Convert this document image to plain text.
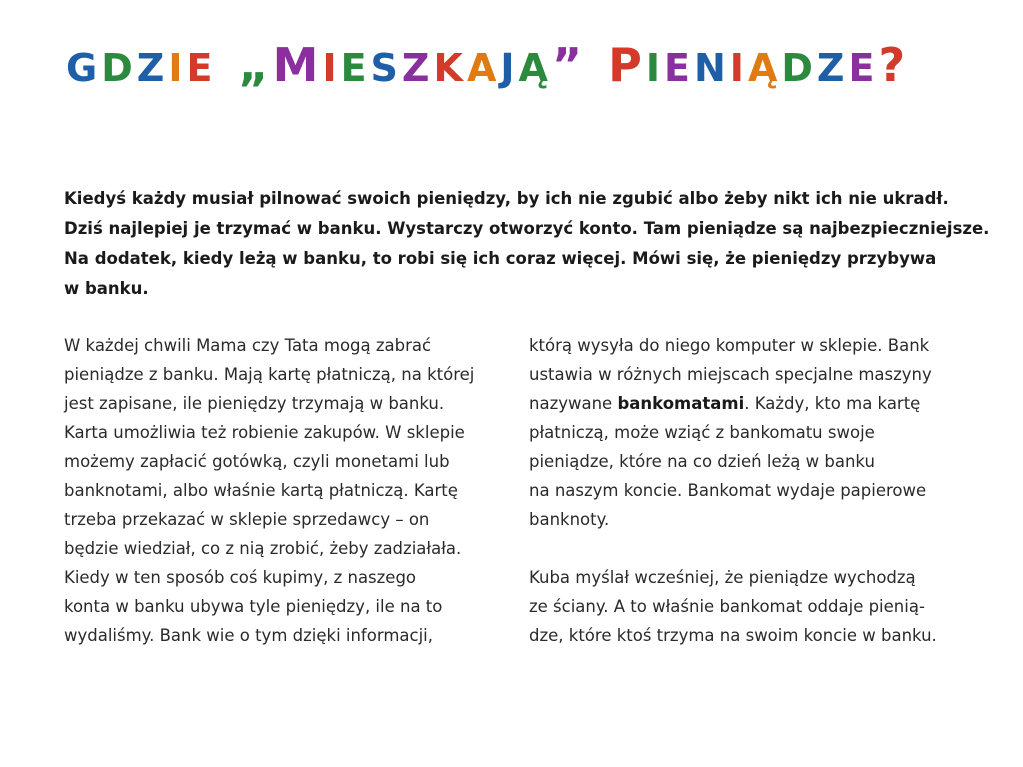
GDZIE „MIESZKAJĄ” PIENIĄDZE?

Kiedyś każdy musiał pilnować swoich pieniędzy, by ich nie zgubić albo żeby nikt ich nie ukradł.
Dziś najlepiej je trzymać w banku. Wystarczy otworzyć konto. Tam pieniądze są najbezpieczniejsze.
Na dodatek, kiedy leżą w banku, to robi się ich coraz więcej. Mówi się, że pieniędzy przybywa
w banku.

W każdej chwili Mama czy Tata mogą zabrać
pieniądze z banku. Mają kartę płatniczą, na której
jest zapisane, ile pieniędzy trzymają w banku.
Karta umożliwia też robienie zakupów. W sklepie
możemy zapłacić gotówką, czyli monetami lub
banknotami, albo właśnie kartą płatniczą. Kartę
trzeba przekazać w sklepie sprzedawcy – on
będzie wiedział, co z nią zrobić, żeby zadziałała.
Kiedy w ten sposób coś kupimy, z naszego
konta w banku ubywa tyle pieniędzy, ile na to
wydaliśmy. Bank wie o tym dzięki informacji,
którą wysyła do niego komputer w sklepie. Bank
ustawia w różnych miejscach specjalne maszyny
nazywane bankomatami. Każdy, kto ma kartę
płatniczą, może wziąć z bankomatu swoje
pieniądze, które na co dzień leżą w banku
na naszym koncie. Bankomat wydaje papierowe
banknoty.
Kuba myślał wcześniej, że pieniądze wychodzą
ze ściany. A to właśnie bankomat oddaje pienią-
dze, które ktoś trzyma na swoim koncie w banku.
